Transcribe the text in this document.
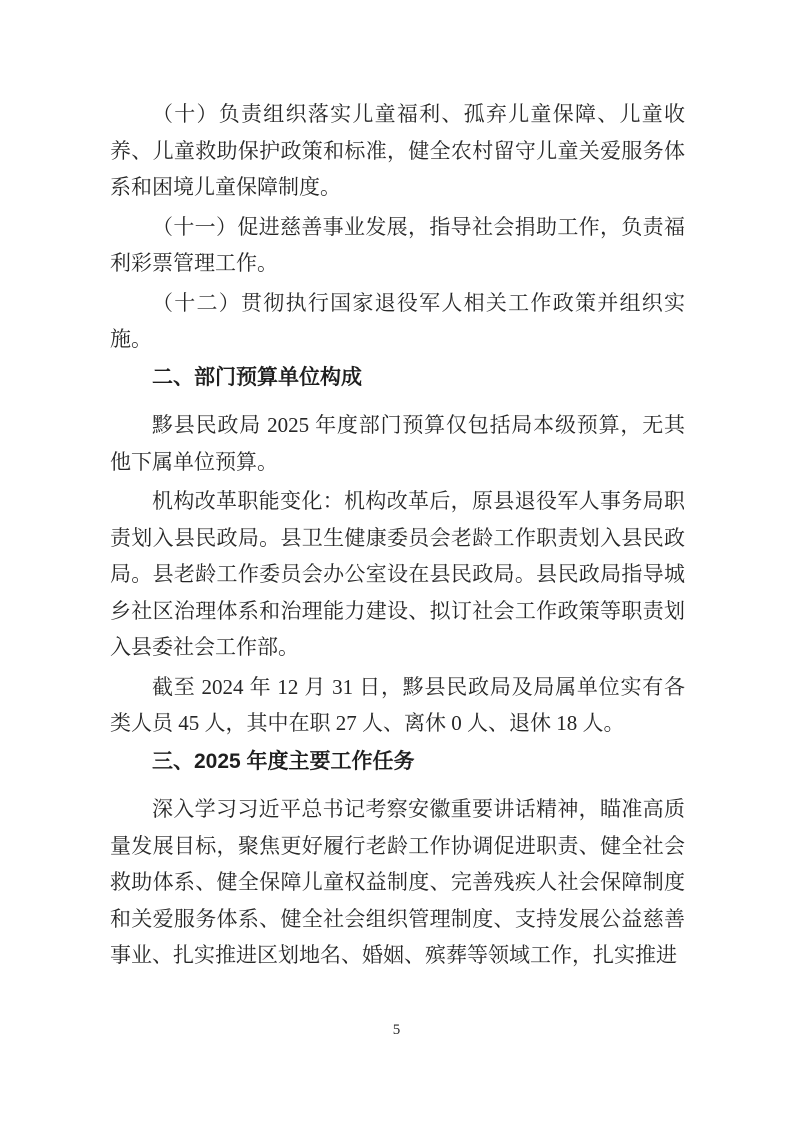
（十）负责组织落实儿童福利、孤弃儿童保障、儿童收养、儿童救助保护政策和标准，健全农村留守儿童关爱服务体系和困境儿童保障制度。

（十一）促进慈善事业发展，指导社会捐助工作，负责福利彩票管理工作。

（十二）贯彻执行国家退役军人相关工作政策并组织实施。

二、部门预算单位构成

黟县民政局 2025 年度部门预算仅包括局本级预算，无其他下属单位预算。

机构改革职能变化：机构改革后，原县退役军人事务局职责划入县民政局。县卫生健康委员会老龄工作职责划入县民政局。县老龄工作委员会办公室设在县民政局。县民政局指导城乡社区治理体系和治理能力建设、拟订社会工作政策等职责划入县委社会工作部。

截至 2024 年 12 月 31 日，黟县民政局及局属单位实有各类人员 45 人，其中在职 27 人、离休 0 人、退休 18 人。

三、2025 年度主要工作任务

深入学习习近平总书记考察安徽重要讲话精神，瞄准高质量发展目标，聚焦更好履行老龄工作协调促进职责、健全社会救助体系、健全保障儿童权益制度、完善残疾人社会保障制度和关爱服务体系、健全社会组织管理制度、支持发展公益慈善事业、扎实推进区划地名、婚姻、殡葬等领域工作，扎实推进

5
